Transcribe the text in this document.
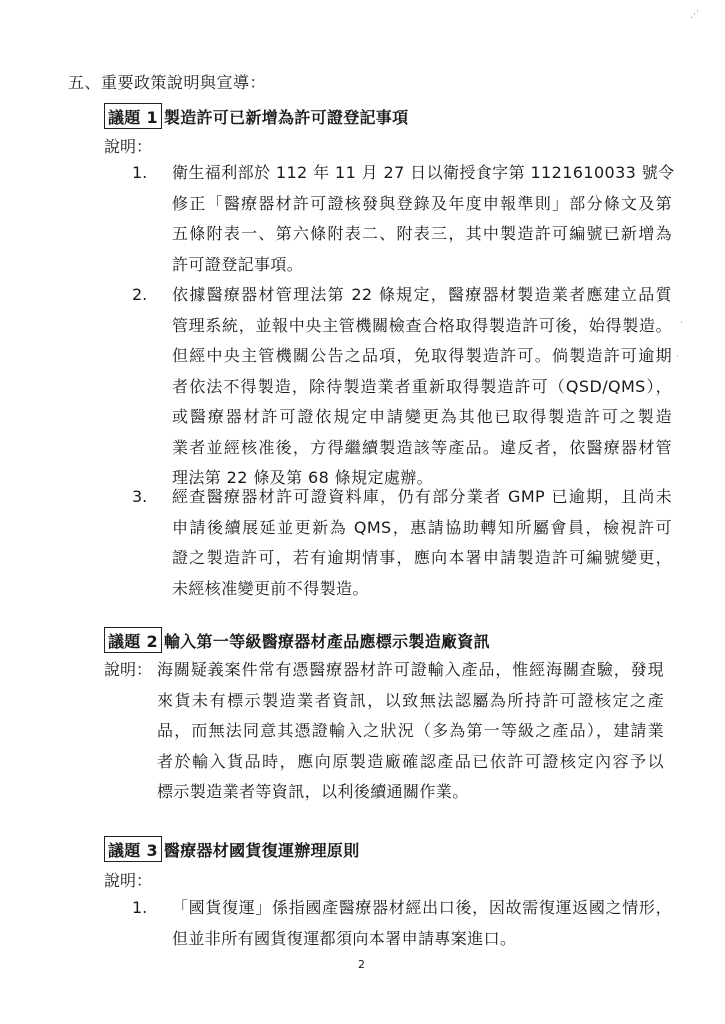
五、重要政策說明與宣導：
議題 1 製造許可已新增為許可證登記事項
說明：
1.	衛生福利部於 112 年 11 月 27 日以衛授食字第 1121610033 號令
修正「醫療器材許可證核發與登錄及年度申報準則」部分條文及第
五條附表一、第六條附表二、附表三，其中製造許可編號已新增為
許可證登記事項。
2.	依據醫療器材管理法第 22 條規定，醫療器材製造業者應建立品質
管理系統，並報中央主管機關檢查合格取得製造許可後，始得製造。
但經中央主管機關公告之品項，免取得製造許可。倘製造許可逾期
者依法不得製造，除待製造業者重新取得製造許可（QSD/QMS），
或醫療器材許可證依規定申請變更為其他已取得製造許可之製造
業者並經核准後，方得繼續製造該等產品。違反者，依醫療器材管
理法第 22 條及第 68 條規定處辦。
3.	經查醫療器材許可證資料庫，仍有部分業者 GMP 已逾期，且尚未
申請後續展延並更新為 QMS，惠請協助轉知所屬會員，檢視許可
證之製造許可，若有逾期情事，應向本署申請製造許可編號變更，
未經核准變更前不得製造。
議題 2 輸入第一等級醫療器材產品應標示製造廠資訊
說明： 海關疑義案件常有憑醫療器材許可證輸入產品，惟經海關查驗，發現
來貨未有標示製造業者資訊，以致無法認屬為所持許可證核定之產
品，而無法同意其憑證輸入之狀況（多為第一等級之產品），建請業
者於輸入貨品時，應向原製造廠確認產品已依許可證核定內容予以
標示製造業者等資訊，以利後續通關作業。
議題 3 醫療器材國貨復運辦理原則
說明：
1.	「國貨復運」係指國產醫療器材經出口後，因故需復運返國之情形，
但並非所有國貨復運都須向本署申請專案進口。
2
⋅
⋅
⋰
